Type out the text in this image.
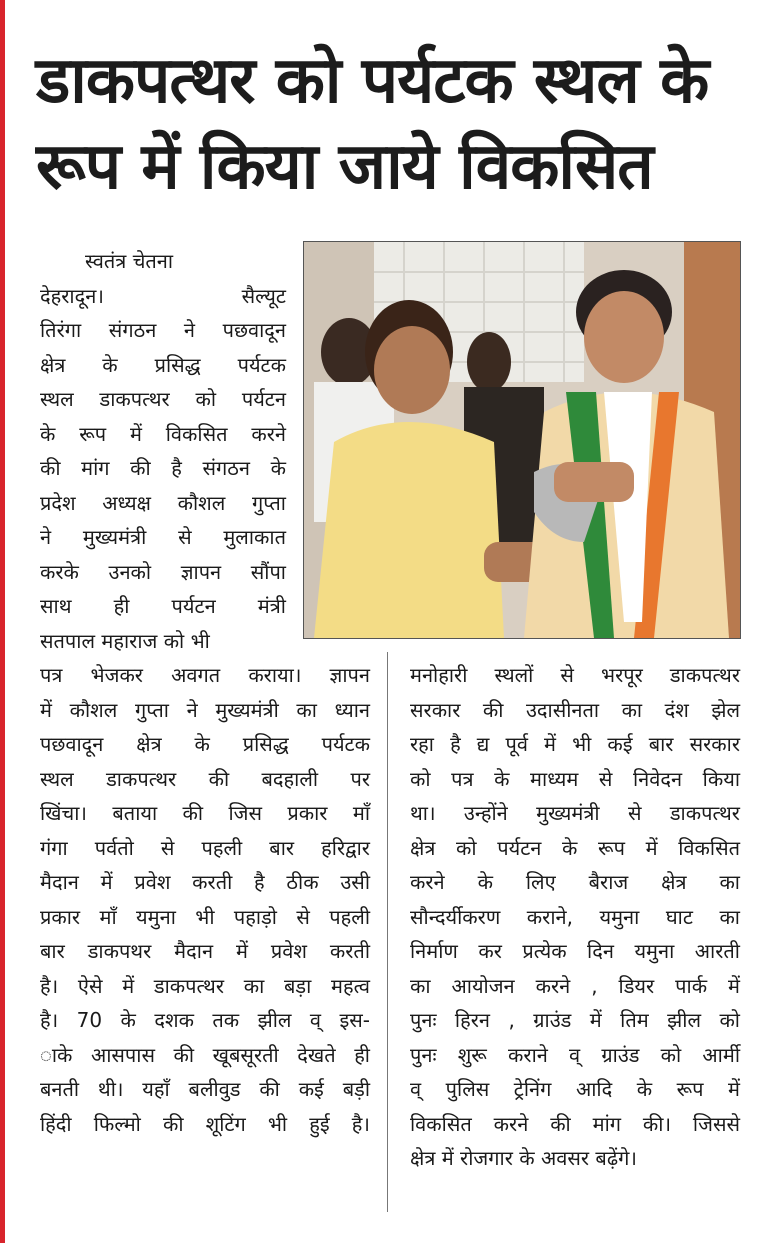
डाकपत्थर को पर्यटक स्थल के
रूप में किया जाये विकसित
स्वतंत्र चेतना
देहरादून। सैल्यूट
तिरंगा संगठन ने पछवादून
क्षेत्र के प्रसिद्ध पर्यटक
स्थल डाकपत्थर को पर्यटन
के रूप में विकसित करने
की मांग की है संगठन के
प्रदेश अध्यक्ष कौशल गुप्ता
ने मुख्यमंत्री से मुलाकात
करके उनको ज्ञापन सौंपा
साथ ही पर्यटन मंत्री
सतपाल महाराज को भी
पत्र भेजकर अवगत कराया। ज्ञापन
में कौशल गुप्ता ने मुख्यमंत्री का ध्यान
पछवादून क्षेत्र के प्रसिद्ध पर्यटक
स्थल डाकपत्थर की बदहाली पर
खिंचा। बताया की जिस प्रकार माँ
गंगा पर्वतो से पहली बार हरिद्वार
मैदान में प्रवेश करती है ठीक उसी
प्रकार माँ यमुना भी पहाड़ो से पहली
बार डाकपथर मैदान में प्रवेश करती
है। ऐसे में डाकपत्थर का बड़ा महत्व
है। 70 के दशक तक झील व् इस-
ाके आसपास की खूबसूरती देखते ही
बनती थी। यहाँ बलीवुड की कई बड़ी
हिंदी फिल्मो की शूटिंग भी हुई है।
मनोहारी स्थलों से भरपूर डाकपत्थर
सरकार की उदासीनता का दंश झेल
रहा है द्य पूर्व में भी कई बार सरकार
को पत्र के माध्यम से निवेदन किया
था। उन्होंने मुख्यमंत्री से डाकपत्थर
क्षेत्र को पर्यटन के रूप में विकसित
करने के लिए बैराज क्षेत्र का
सौन्दर्यीकरण कराने, यमुना घाट का
निर्माण कर प्रत्येक दिन यमुना आरती
का आयोजन करने , डियर पार्क में
पुनः हिरन , ग्राउंड में तिम झील को
पुनः शुरू कराने व् ग्राउंड को आर्मी
व् पुलिस ट्रेनिंग आदि के रूप में
विकसित करने की मांग की। जिससे
क्षेत्र में रोजगार के अवसर बढ़ेंगे।
